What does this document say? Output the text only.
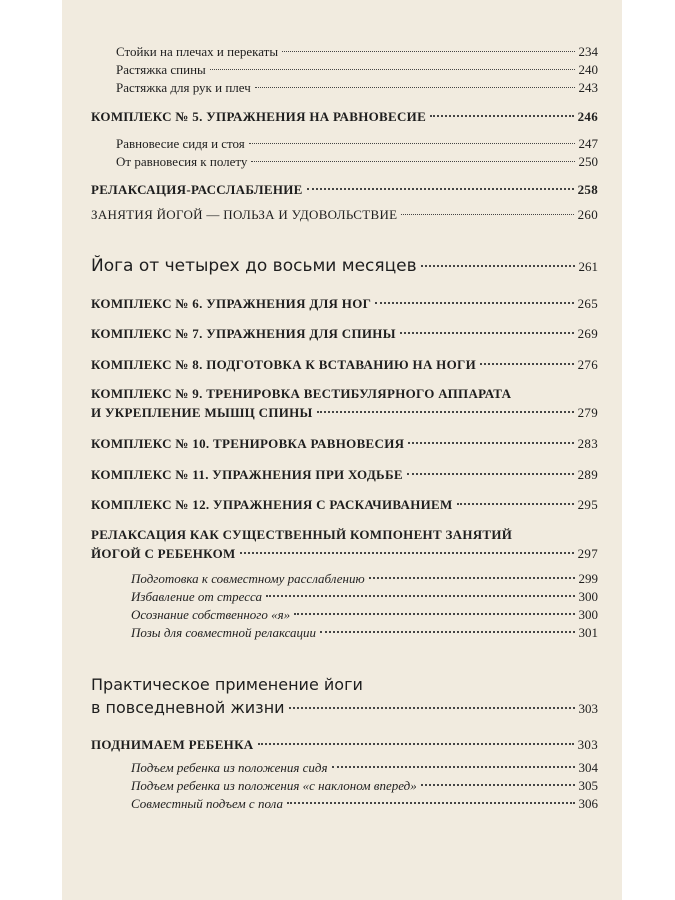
Стойки на плечах и перекаты	234
Растяжка спины	240
Растяжка для рук и плеч	243
КОМПЛЕКС № 5. УПРАЖНЕНИЯ НА РАВНОВЕСИЕ	246
Равновесие сидя и стоя	247
От равновесия к полету	250
РЕЛАКСАЦИЯ-РАССЛАБЛЕНИЕ	258
ЗАНЯТИЯ ЙОГОЙ — ПОЛЬЗА И УДОВОЛЬСТВИЕ	260
Йога от четырех до восьми месяцев	261
КОМПЛЕКС № 6. УПРАЖНЕНИЯ ДЛЯ НОГ	265
КОМПЛЕКС № 7. УПРАЖНЕНИЯ ДЛЯ СПИНЫ	269
КОМПЛЕКС № 8. ПОДГОТОВКА К ВСТАВАНИЮ НА НОГИ	276
КОМПЛЕКС № 9. ТРЕНИРОВКА ВЕСТИБУЛЯРНОГО АППАРАТА
И УКРЕПЛЕНИЕ МЫШЦ СПИНЫ	279
КОМПЛЕКС № 10. ТРЕНИРОВКА РАВНОВЕСИЯ	283
КОМПЛЕКС № 11. УПРАЖНЕНИЯ ПРИ ХОДЬБЕ	289
КОМПЛЕКС № 12. УПРАЖНЕНИЯ С РАСКАЧИВАНИЕМ	295
РЕЛАКСАЦИЯ КАК СУЩЕСТВЕННЫЙ КОМПОНЕНТ ЗАНЯТИЙ
ЙОГОЙ С РЕБЕНКОМ	297
Подготовка к совместному расслаблению	299
Избавление от стресса	300
Осознание собственного «я»	300
Позы для совместной релаксации	301
Практическое применение йоги
в повседневной жизни	303
ПОДНИМАЕМ РЕБЕНКА	303
Подъем ребенка из положения сидя	304
Подъем ребенка из положения «с наклоном вперед»	305
Совместный подъем с пола	306
